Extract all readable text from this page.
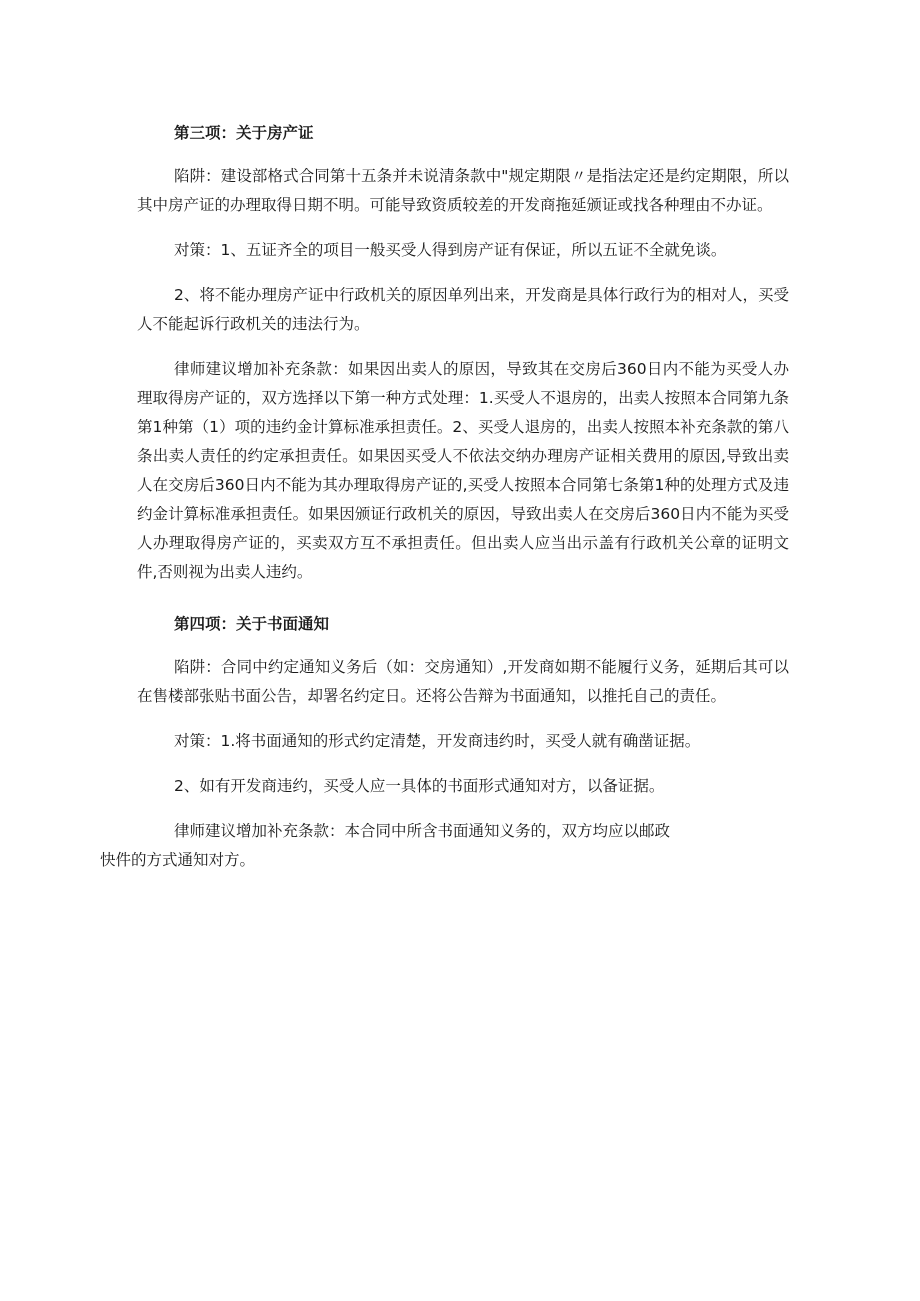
第三项：关于房产证

陷阱：建设部格式合同第十五条并未说清条款中"规定期限〃是指法定还是约定期限，所以其中房产证的办理取得日期不明。可能导致资质较差的开发商拖延颁证或找各种理由不办证。

对策：1、五证齐全的项目一般买受人得到房产证有保证，所以五证不全就免谈。

2、将不能办理房产证中行政机关的原因单列出来，开发商是具体行政行为的相对人，买受人不能起诉行政机关的违法行为。

律师建议增加补充条款：如果因出卖人的原因，导致其在交房后360日内不能为买受人办理取得房产证的，双方选择以下第一种方式处理：1.买受人不退房的，出卖人按照本合同第九条第1种第（1）项的违约金计算标准承担责任。2、买受人退房的，出卖人按照本补充条款的第八条出卖人责任的约定承担责任。如果因买受人不依法交纳办理房产证相关费用的原因,导致出卖人在交房后360日内不能为其办理取得房产证的,买受人按照本合同第七条第1种的处理方式及违约金计算标准承担责任。如果因颁证行政机关的原因，导致出卖人在交房后360日内不能为买受人办理取得房产证的，买卖双方互不承担责任。但出卖人应当出示盖有行政机关公章的证明文件,否则视为出卖人违约。

第四项：关于书面通知

陷阱：合同中约定通知义务后（如：交房通知）,开发商如期不能履行义务，延期后其可以在售楼部张贴书面公告，却署名约定日。还将公告辩为书面通知，以推托自己的责任。

对策：1.将书面通知的形式约定清楚，开发商违约时，买受人就有确凿证据。

2、如有开发商违约，买受人应一具体的书面形式通知对方，以备证据。

律师建议增加补充条款：本合同中所含书面通知义务的，双方均应以邮政
快件的方式通知对方。
